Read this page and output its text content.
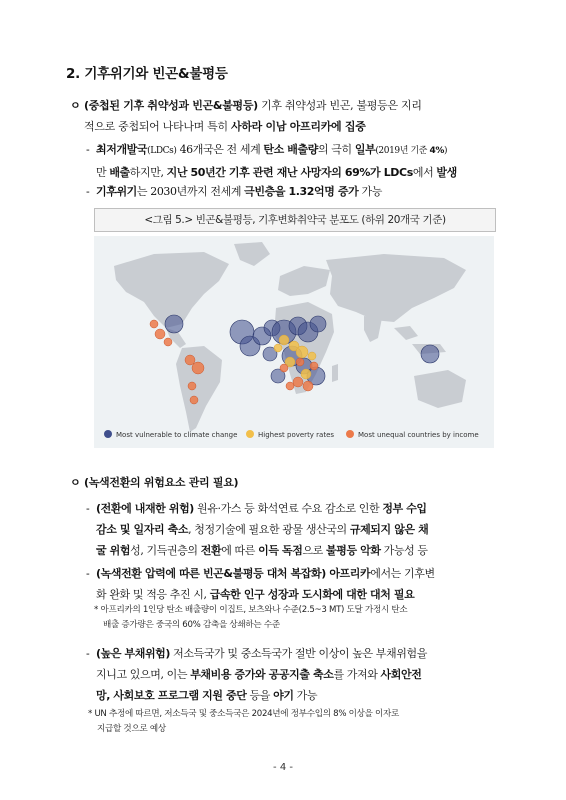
2. 기후위기와 빈곤&불평등
ㅇ (중첩된 기후 취약성과 빈곤&불평등) 기후 취약성과 빈곤, 불평등은 지리
적으로 중첩되어 나타나며 특히 사하라 이남 아프리카에 집중
- 최저개발국(LDCs) 46개국은 전 세계 탄소 배출량의 극히 일부(2019년 기준 4%)
만 배출하지만, 지난 50년간 기후 관련 재난 사망자의 69%가 LDCs에서 발생
- 기후위기는 2030년까지 전세계 극빈층을 1.32억명 증가 가능
<그림 5.> 빈곤&불평등, 기후변화취약국 분포도 (하위 20개국 기준)
Most vulnerable to climate change	Highest poverty rates	Most unequal countries by income
ㅇ (녹색전환의 위험요소 관리 필요)
- (전환에 내재한 위험) 원유·가스 등 화석연료 수요 감소로 인한 정부 수입
감소 및 일자리 축소, 청정기술에 필요한 광물 생산국의 규제되지 않은 채
굴 위험성, 기득권층의 전환에 따른 이득 독점으로 불평등 악화 가능성 등
- (녹색전환 압력에 따른 빈곤&불평등 대처 복잡화) 아프리카에서는 기후변
화 완화 및 적응 추진 시, 급속한 인구 성장과 도시화에 대한 대처 필요
* 아프리카의 1인당 탄소 배출량이 이집트, 보츠와나 수준(2.5~3 MT) 도달 가정시 탄소
배출 증가량은 중국의 60% 감축을 상쇄하는 수준
- (높은 부채위험) 저소득국가 및 중소득국가 절반 이상이 높은 부채위험을
지니고 있으며, 이는 부채비용 증가와 공공지출 축소를 가져와 사회안전
망, 사회보호 프로그램 지원 중단 등을 야기 가능
* UN 추정에 따르면, 저소득국 및 중소득국은 2024년에 정부수입의 8% 이상을 이자로
지급할 것으로 예상
- 4 -
